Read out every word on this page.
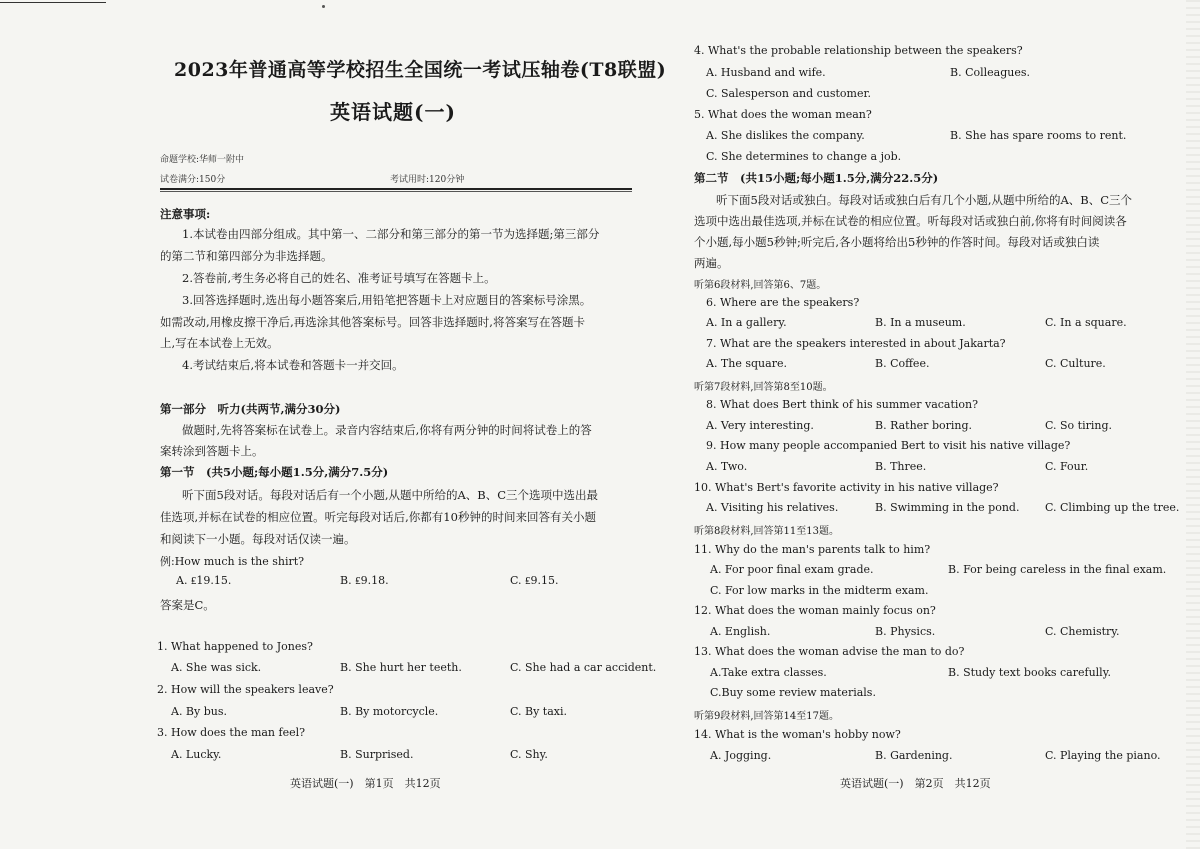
2023年普通高等学校招生全国统一考试压轴卷(T8联盟)
英语试题(一)
命题学校:华师一附中
试卷满分:150分	考试用时:120分钟
注意事项:
1.本试卷由四部分组成。其中第一、二部分和第三部分的第一节为选择题;第三部分
的第二节和第四部分为非选择题。
2.答卷前,考生务必将自己的姓名、准考证号填写在答题卡上。
3.回答选择题时,选出每小题答案后,用铅笔把答题卡上对应题目的答案标号涂黑。
如需改动,用橡皮擦干净后,再选涂其他答案标号。回答非选择题时,将答案写在答题卡
上,写在本试卷上无效。
4.考试结束后,将本试卷和答题卡一并交回。
第一部分　听力(共两节,满分30分)
做题时,先将答案标在试卷上。录音内容结束后,你将有两分钟的时间将试卷上的答
案转涂到答题卡上。
第一节　(共5小题;每小题1.5分,满分7.5分)
听下面5段对话。每段对话后有一个小题,从题中所给的A、B、C三个选项中选出最
佳选项,并标在试卷的相应位置。听完每段对话后,你都有10秒钟的时间来回答有关小题
和阅读下一小题。每段对话仅读一遍。
例:How much is the shirt?
A. ₤19.15.	B. ₤9.18.	C. ₤9.15.
答案是C。
1. What happened to Jones?
A. She was sick.	B. She hurt her teeth.	C. She had a car accident.
2. How will the speakers leave?
A. By bus.	B. By motorcycle.	C. By taxi.
3. How does the man feel?
A. Lucky.	B. Surprised.	C. Shy.
英语试题(一)　第1页　共12页
4. What's the probable relationship between the speakers?
A. Husband and wife.	B. Colleagues.
C. Salesperson and customer.
5. What does the woman mean?
A. She dislikes the company.	B. She has spare rooms to rent.
C. She determines to change a job.
第二节　(共15小题;每小题1.5分,满分22.5分)
听下面5段对话或独白。每段对话或独白后有几个小题,从题中所给的A、B、C三个
选项中选出最佳选项,并标在试卷的相应位置。听每段对话或独白前,你将有时间阅读各
个小题,每小题5秒钟;听完后,各小题将给出5秒钟的作答时间。每段对话或独白读
两遍。
听第6段材料,回答第6、7题。
6. Where are the speakers?
A. In a gallery.	B. In a museum.	C. In a square.
7. What are the speakers interested in about Jakarta?
A. The square.	B. Coffee.	C. Culture.
听第7段材料,回答第8至10题。
8. What does Bert think of his summer vacation?
A. Very interesting.	B. Rather boring.	C. So tiring.
9. How many people accompanied Bert to visit his native village?
A. Two.	B. Three.	C. Four.
10. What's Bert's favorite activity in his native village?
A. Visiting his relatives.	B. Swimming in the pond. C. Climbing up the tree.
听第8段材料,回答第11至13题。
11. Why do the man's parents talk to him?
A. For poor final exam grade.	B. For being careless in the final exam.
C. For low marks in the midterm exam.
12. What does the woman mainly focus on?
A. English.	B. Physics.	C. Chemistry.
13. What does the woman advise the man to do?
A.Take extra classes.	B. Study text books carefully.
C.Buy some review materials.
听第9段材料,回答第14至17题。
14. What is the woman's hobby now?
A. Jogging.	B. Gardening.	C. Playing the piano.
英语试题(一)　第2页　共12页
